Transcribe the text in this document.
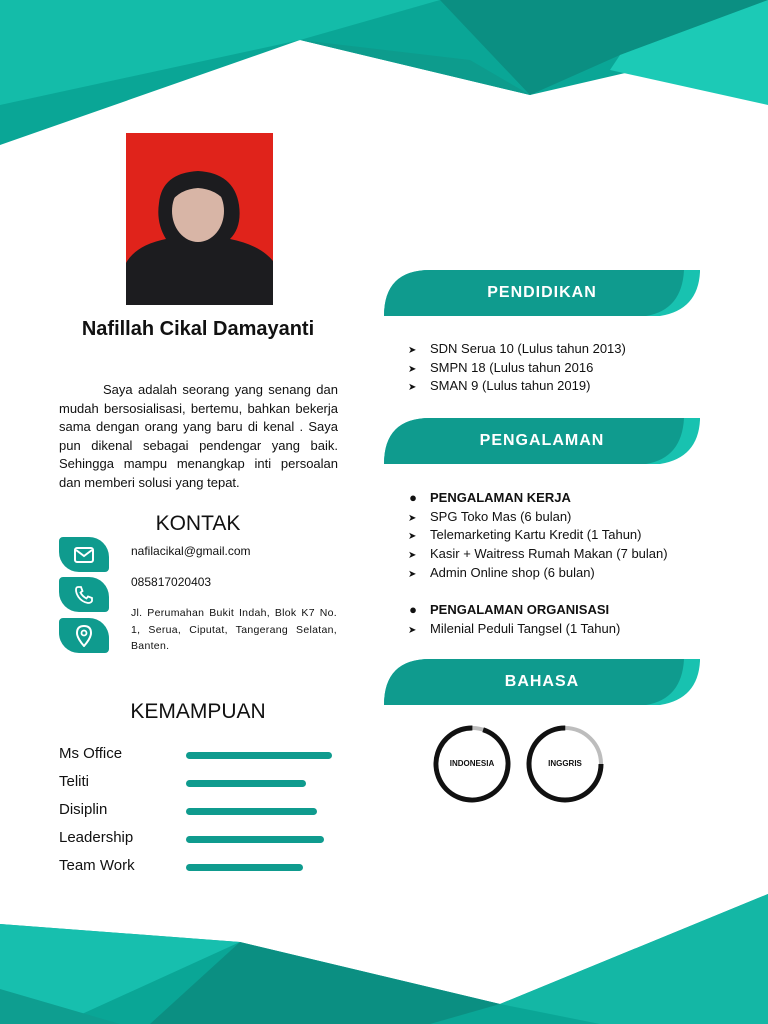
Nafillah Cikal Damayanti
Saya adalah seorang yang senang dan mudah bersosialisasi, bertemu, bahkan bekerja sama dengan orang yang baru di kenal . Saya pun dikenal sebagai pendengar yang baik. Sehingga mampu menangkap inti persoalan dan memberi solusi yang tepat.
KONTAK
nafilacikal@gmail.com
085817020403
Jl. Perumahan Bukit Indah, Blok K7 No. 1, Serua, Ciputat, Tangerang Selatan, Banten.
KEMAMPUAN
Ms Office
Teliti
Disiplin
Leadership
Team Work
PENDIDIKAN
➤ SDN Serua 10 (Lulus tahun 2013)
➤ SMPN 18 (Lulus tahun 2016
➤ SMAN 9 (Lulus tahun 2019)
PENGALAMAN
● PENGALAMAN KERJA
➤ SPG Toko Mas (6 bulan)
➤ Telemarketing Kartu Kredit (1 Tahun)
➤ Kasir + Waitress Rumah Makan (7 bulan)
➤ Admin Online shop (6 bulan)
● PENGALAMAN ORGANISASI
➤ Milenial Peduli Tangsel (1 Tahun)
BAHASA
INDONESIA	INGGRIS
